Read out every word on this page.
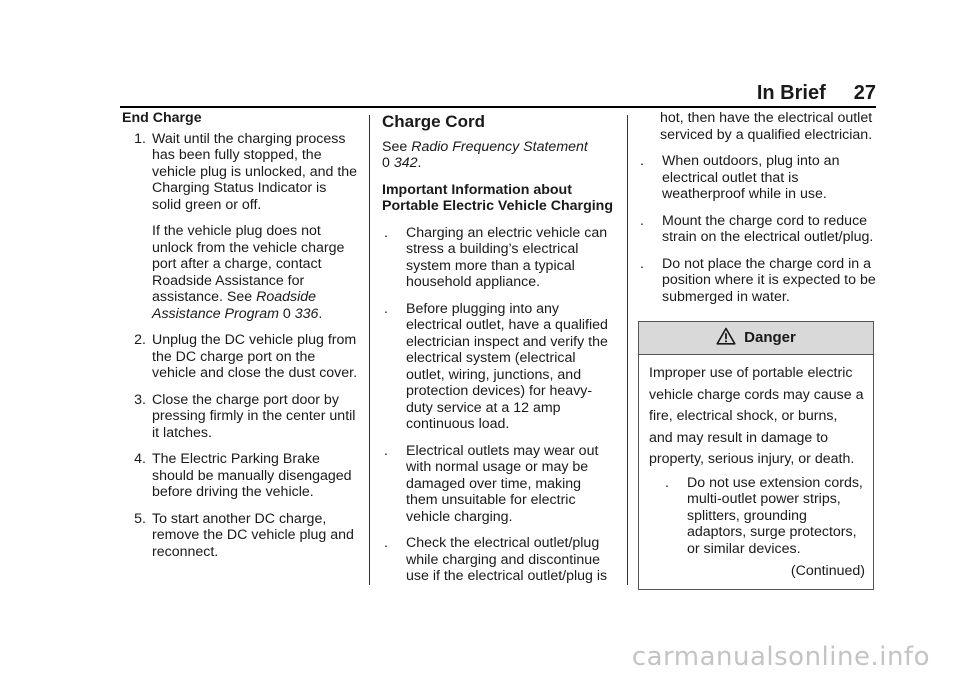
In Brief 27
End Charge
1. Wait until the charging process has been fully stopped, the vehicle plug is unlocked, and the Charging Status Indicator is solid green or off.
If the vehicle plug does not unlock from the vehicle charge port after a charge, contact Roadside Assistance for assistance. See Roadside Assistance Program 0 336.
2. Unplug the DC vehicle plug from the DC charge port on the vehicle and close the dust cover.
3. Close the charge port door by pressing firmly in the center until it latches.
4. The Electric Parking Brake should be manually disengaged before driving the vehicle.
5. To start another DC charge, remove the DC vehicle plug and reconnect.
Charge Cord
See Radio Frequency Statement
0 342.
Important Information about Portable Electric Vehicle Charging
.	Charging an electric vehicle can stress a building’s electrical system more than a typical household appliance.
.	Before plugging into any electrical outlet, have a qualified electrician inspect and verify the electrical system (electrical outlet, wiring, junctions, and protection devices) for heavy-duty service at a 12 amp continuous load.
.	Electrical outlets may wear out with normal usage or may be damaged over time, making them unsuitable for electric vehicle charging.
.	Check the electrical outlet/plug while charging and discontinue use if the electrical outlet/plug is
hot, then have the electrical outlet serviced by a qualified electrician.
.	When outdoors, plug into an electrical outlet that is weatherproof while in use.
.	Mount the charge cord to reduce strain on the electrical outlet/plug.
.	Do not place the charge cord in a position where it is expected to be submerged in water.
Danger
Improper use of portable electric vehicle charge cords may cause a fire, electrical shock, or burns, and may result in damage to property, serious injury, or death.
.	Do not use extension cords, multi-outlet power strips, splitters, grounding adaptors, surge protectors, or similar devices.
(Continued)
carmanualsonline.info
